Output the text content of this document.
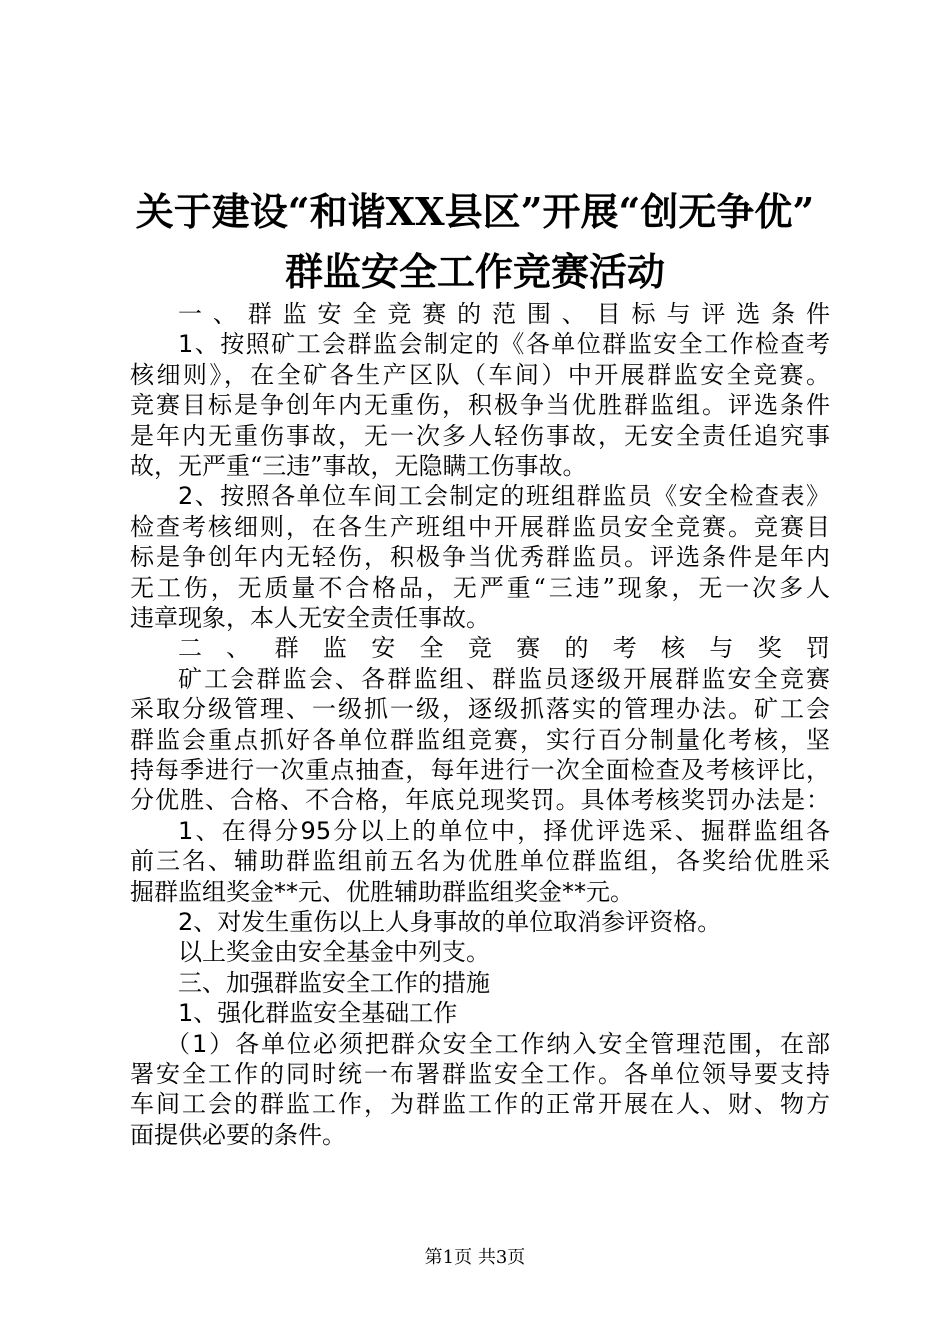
关于建设“和谐XX县区”开展“创无争优”
群监安全工作竞赛活动
一、群监安全竞赛的范围、目标与评选条件
1、按照矿工会群监会制定的《各单位群监安全工作检查考
核细则》，在全矿各生产区队（车间）中开展群监安全竞赛。
竞赛目标是争创年内无重伤，积极争当优胜群监组。评选条件
是年内无重伤事故，无一次多人轻伤事故，无安全责任追究事
故，无严重“三违”事故，无隐瞒工伤事故。
2、按照各单位车间工会制定的班组群监员《安全检查表》
检查考核细则，在各生产班组中开展群监员安全竞赛。竞赛目
标是争创年内无轻伤，积极争当优秀群监员。评选条件是年内
无工伤，无质量不合格品，无严重“三违”现象，无一次多人
违章现象，本人无安全责任事故。
二、群监安全竞赛的考核与奖罚
矿工会群监会、各群监组、群监员逐级开展群监安全竞赛
采取分级管理、一级抓一级，逐级抓落实的管理办法。矿工会
群监会重点抓好各单位群监组竞赛，实行百分制量化考核，坚
持每季进行一次重点抽查，每年进行一次全面检查及考核评比，
分优胜、合格、不合格，年底兑现奖罚。具体考核奖罚办法是：
1、在得分95分以上的单位中，择优评选采、掘群监组各
前三名、辅助群监组前五名为优胜单位群监组，各奖给优胜采
掘群监组奖金**元、优胜辅助群监组奖金**元。
2、对发生重伤以上人身事故的单位取消参评资格。
以上奖金由安全基金中列支。
三、加强群监安全工作的措施
1、强化群监安全基础工作
（1）各单位必须把群众安全工作纳入安全管理范围，在部
署安全工作的同时统一布署群监安全工作。各单位领导要支持
车间工会的群监工作，为群监工作的正常开展在人、财、物方
面提供必要的条件。
第1页 共3页
